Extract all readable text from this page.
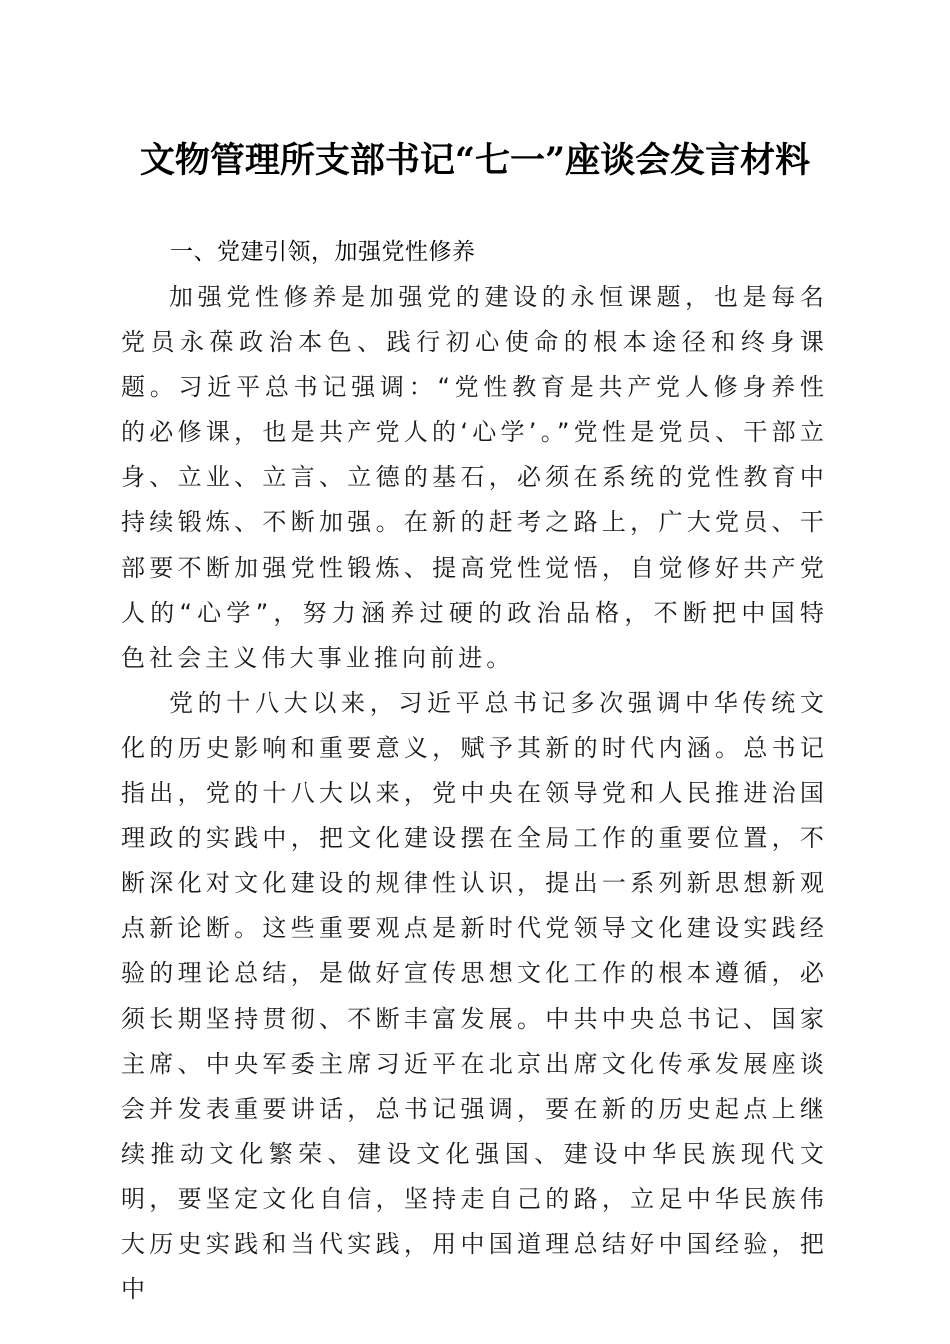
文物管理所支部书记“七一”座谈会发言材料
一、党建引领，加强党性修养

加强党性修养是加强党的建设的永恒课题，也是每名党员永葆政治本色、践行初心使命的根本途径和终身课题。习近平总书记强调：“党性教育是共产党人修身养性的必修课，也是共产党人的‘心学’。”党性是党员、干部立身、立业、立言、立德的基石，必须在系统的党性教育中持续锻炼、不断加强。在新的赶考之路上，广大党员、干部要不断加强党性锻炼、提高党性觉悟，自觉修好共产党人的“心学”，努力涵养过硬的政治品格，不断把中国特色社会主义伟大事业推向前进。

党的十八大以来，习近平总书记多次强调中华传统文化的历史影响和重要意义，赋予其新的时代内涵。总书记指出，党的十八大以来，党中央在领导党和人民推进治国理政的实践中，把文化建设摆在全局工作的重要位置，不断深化对文化建设的规律性认识，提出一系列新思想新观点新论断。这些重要观点是新时代党领导文化建设实践经验的理论总结，是做好宣传思想文化工作的根本遵循，必须长期坚持贯彻、不断丰富发展。中共中央总书记、国家主席、中央军委主席习近平在北京出席文化传承发展座谈会并发表重要讲话，总书记强调，要在新的历史起点上继续推动文化繁荣、建设文化强国、建设中华民族现代文明，要坚定文化自信，坚持走自己的路，立足中华民族伟大历史实践和当代实践，用中国道理总结好中国经验，把中
